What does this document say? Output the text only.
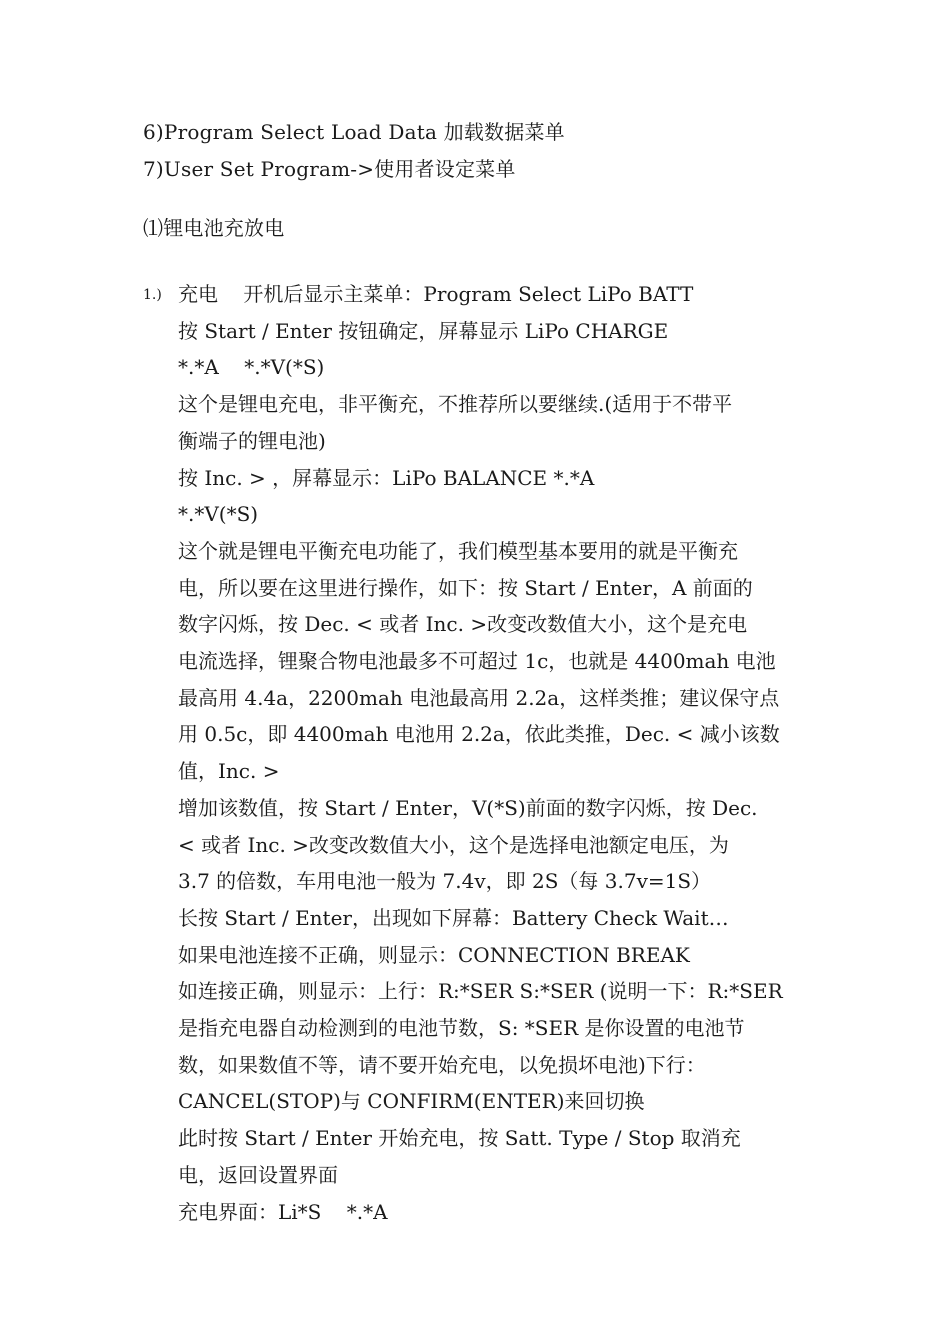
6)Program Select Load Data 加载数据菜单
7)User Set Program->使用者设定菜单
⑴锂电池充放电
1.) 充电    开机后显示主菜单：Program Select LiPo BATT
按 Start / Enter 按钮确定，屏幕显示 LiPo CHARGE
*.*A    *.*V(*S)
这个是锂电充电，非平衡充，不推荐所以要继续.(适用于不带平
衡端子的锂电池)
按 Inc. > ，屏幕显示：LiPo BALANCE *.*A
*.*V(*S)
这个就是锂电平衡充电功能了，我们模型基本要用的就是平衡充
电，所以要在这里进行操作，如下：按 Start / Enter，A 前面的
数字闪烁，按 Dec. < 或者 Inc. >改变改数值大小，这个是充电
电流选择，锂聚合物电池最多不可超过 1c，也就是 4400mah 电池
最高用 4.4a，2200mah 电池最高用 2.2a，这样类推；建议保守点
用 0.5c，即 4400mah 电池用 2.2a，依此类推，Dec. < 减小该数
值，Inc. >
增加该数值，按 Start / Enter，V(*S)前面的数字闪烁，按 Dec.
< 或者 Inc. >改变改数值大小，这个是选择电池额定电压，为
3.7 的倍数，车用电池一般为 7.4v，即 2S（每 3.7v=1S）
长按 Start / Enter，出现如下屏幕：Battery Check Wait…
如果电池连接不正确，则显示：CONNECTION BREAK
如连接正确，则显示：上行：R:*SER S:*SER (说明一下：R:*SER
是指充电器自动检测到的电池节数，S: *SER 是你设置的电池节
数，如果数值不等，请不要开始充电，以免损坏电池)下行：
CANCEL(STOP)与 CONFIRM(ENTER)来回切换
此时按 Start / Enter 开始充电，按 Satt. Type / Stop 取消充
电，返回设置界面
充电界面：Li*S    *.*A
